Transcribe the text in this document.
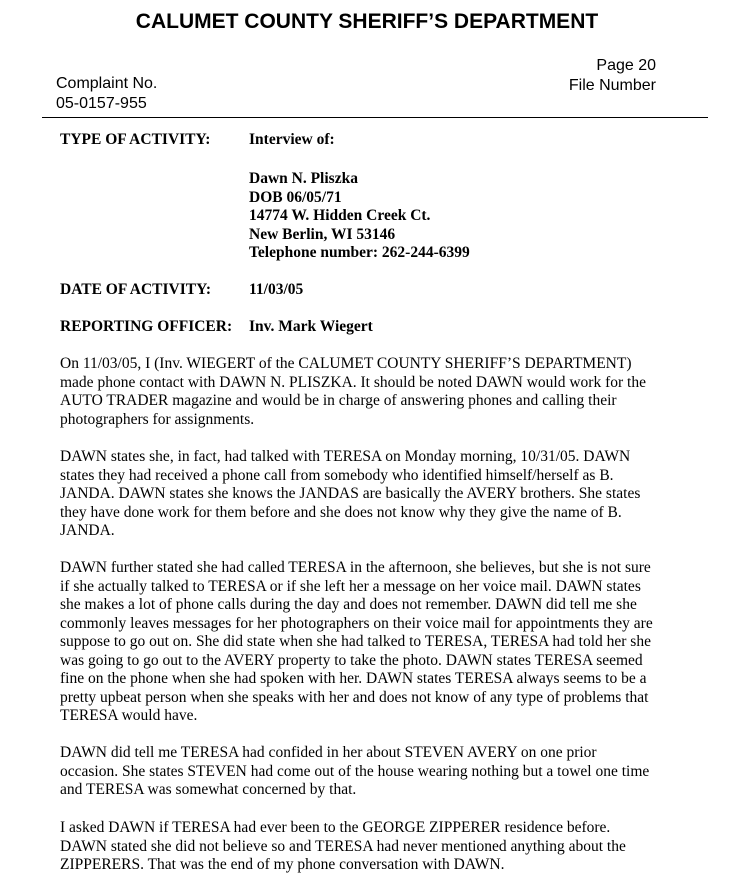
CALUMET COUNTY SHERIFF’S DEPARTMENT
Page 20
File Number
Complaint No.
05-0157-955
TYPE OF ACTIVITY: Interview of:
Dawn N. Pliszka
DOB 06/05/71
14774 W. Hidden Creek Ct.
New Berlin, WI 53146
Telephone number: 262-244-6399
DATE OF ACTIVITY: 11/03/05
REPORTING OFFICER: Inv. Mark Wiegert
On 11/03/05, I (Inv. WIEGERT of the CALUMET COUNTY SHERIFF’S DEPARTMENT)
made phone contact with DAWN N. PLISZKA. It should be noted DAWN would work for the
AUTO TRADER magazine and would be in charge of answering phones and calling their
photographers for assignments.
DAWN states she, in fact, had talked with TERESA on Monday morning, 10/31/05. DAWN
states they had received a phone call from somebody who identified himself/herself as B.
JANDA. DAWN states she knows the JANDAS are basically the AVERY brothers. She states
they have done work for them before and she does not know why they give the name of B.
JANDA.
DAWN further stated she had called TERESA in the afternoon, she believes, but she is not sure
if she actually talked to TERESA or if she left her a message on her voice mail. DAWN states
she makes a lot of phone calls during the day and does not remember. DAWN did tell me she
commonly leaves messages for her photographers on their voice mail for appointments they are
suppose to go out on. She did state when she had talked to TERESA, TERESA had told her she
was going to go out to the AVERY property to take the photo. DAWN states TERESA seemed
fine on the phone when she had spoken with her. DAWN states TERESA always seems to be a
pretty upbeat person when she speaks with her and does not know of any type of problems that
TERESA would have.
DAWN did tell me TERESA had confided in her about STEVEN AVERY on one prior
occasion. She states STEVEN had come out of the house wearing nothing but a towel one time
and TERESA was somewhat concerned by that.
I asked DAWN if TERESA had ever been to the GEORGE ZIPPERER residence before.
DAWN stated she did not believe so and TERESA had never mentioned anything about the
ZIPPERERS. That was the end of my phone conversation with DAWN.
